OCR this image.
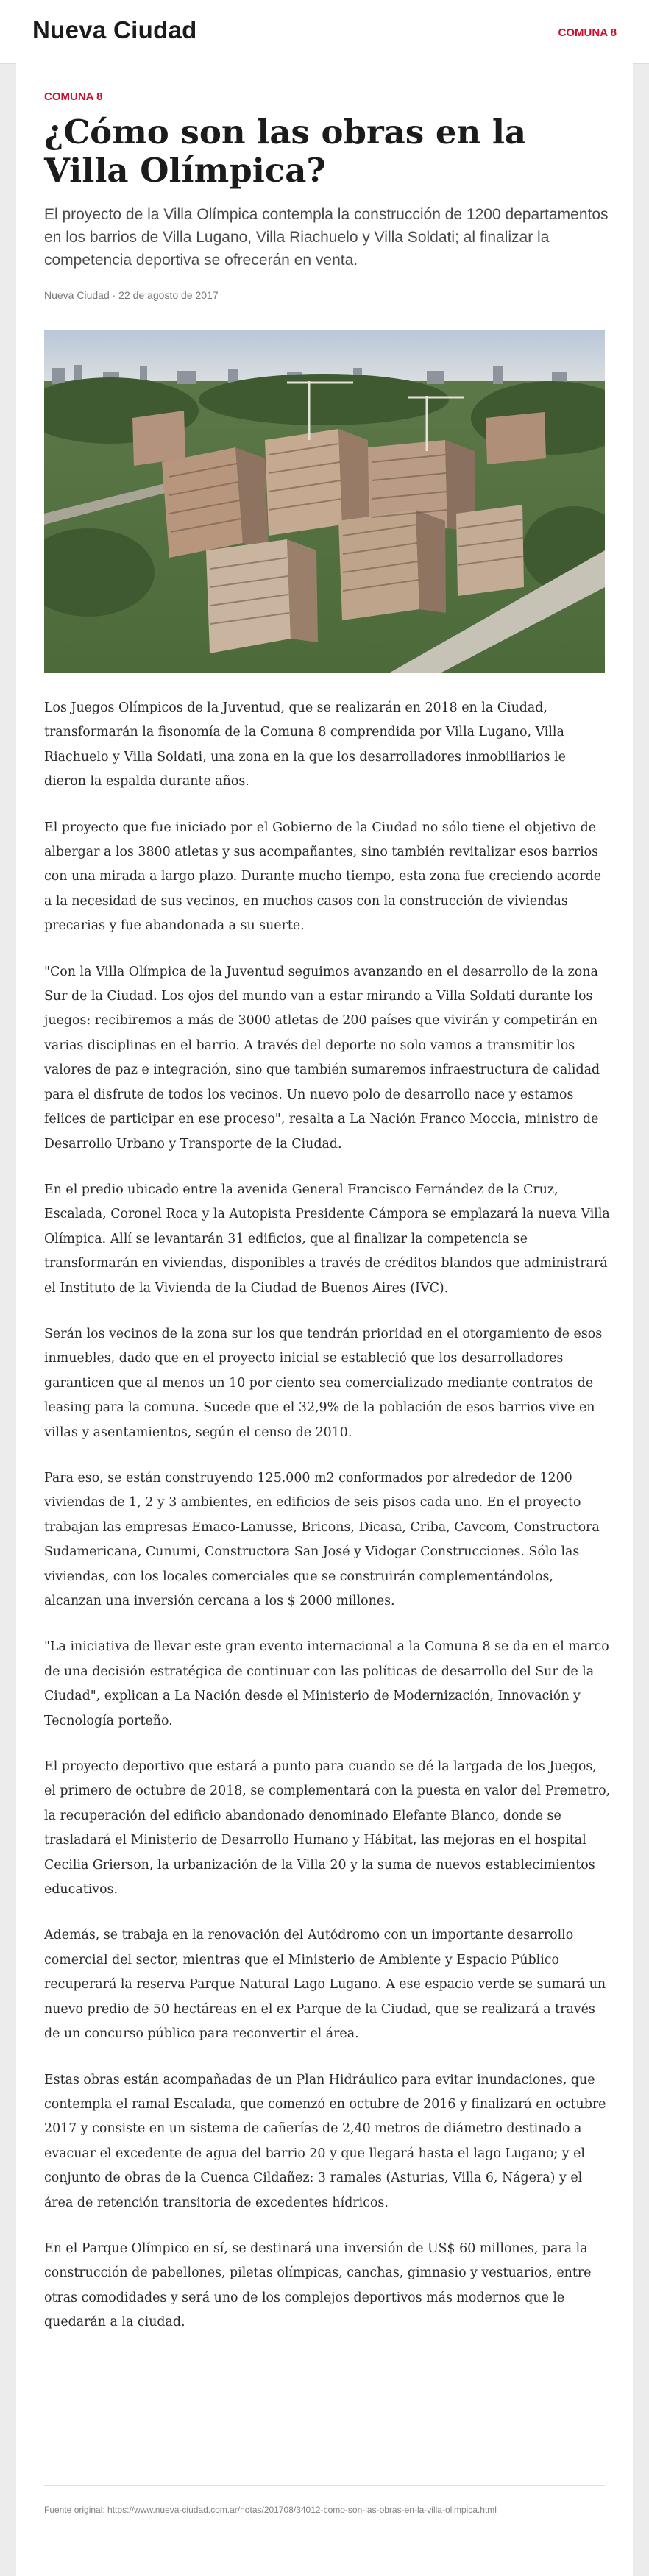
Nueva Ciudad	COMUNA 8
COMUNA 8
¿Cómo son las obras en la Villa Olímpica?

El proyecto de la Villa Olímpica contempla la construcción de 1200 departamentos en los barrios de Villa Lugano, Villa Riachuelo y Villa Soldati; al finalizar la competencia deportiva se ofrecerán en venta.

Nueva Ciudad · 22 de agosto de 2017

Los Juegos Olímpicos de la Juventud, que se realizarán en 2018 en la Ciudad, transformarán la fisonomía de la Comuna 8 comprendida por Villa Lugano, Villa Riachuelo y Villa Soldati, una zona en la que los desarrolladores inmobiliarios le dieron la espalda durante años.

El proyecto que fue iniciado por el Gobierno de la Ciudad no sólo tiene el objetivo de albergar a los 3800 atletas y sus acompañantes, sino también revitalizar esos barrios con una mirada a largo plazo. Durante mucho tiempo, esta zona fue creciendo acorde a la necesidad de sus vecinos, en muchos casos con la construcción de viviendas precarias y fue abandonada a su suerte.

"Con la Villa Olímpica de la Juventud seguimos avanzando en el desarrollo de la zona Sur de la Ciudad. Los ojos del mundo van a estar mirando a Villa Soldati durante los juegos: recibiremos a más de 3000 atletas de 200 países que vivirán y competirán en varias disciplinas en el barrio. A través del deporte no solo vamos a transmitir los valores de paz e integración, sino que también sumaremos infraestructura de calidad para el disfrute de todos los vecinos. Un nuevo polo de desarrollo nace y estamos felices de participar en ese proceso", resalta a La Nación Franco Moccia, ministro de Desarrollo Urbano y Transporte de la Ciudad.

En el predio ubicado entre la avenida General Francisco Fernández de la Cruz, Escalada, Coronel Roca y la Autopista Presidente Cámpora se emplazará la nueva Villa Olímpica. Allí se levantarán 31 edificios, que al finalizar la competencia se transformarán en viviendas, disponibles a través de créditos blandos que administrará el Instituto de la Vivienda de la Ciudad de Buenos Aires (IVC).

Serán los vecinos de la zona sur los que tendrán prioridad en el otorgamiento de esos inmuebles, dado que en el proyecto inicial se estableció que los desarrolladores garanticen que al menos un 10 por ciento sea comercializado mediante contratos de leasing para la comuna. Sucede que el 32,9% de la población de esos barrios vive en villas y asentamientos, según el censo de 2010.

Para eso, se están construyendo 125.000 m2 conformados por alrededor de 1200 viviendas de 1, 2 y 3 ambientes, en edificios de seis pisos cada uno. En el proyecto trabajan las empresas Emaco-Lanusse, Bricons, Dicasa, Criba, Cavcom, Constructora Sudamericana, Cunumi, Constructora San José y Vidogar Construcciones. Sólo las viviendas, con los locales comerciales que se construirán complementándolos, alcanzan una inversión cercana a los $ 2000 millones.

"La iniciativa de llevar este gran evento internacional a la Comuna 8 se da en el marco de una decisión estratégica de continuar con las políticas de desarrollo del Sur de la Ciudad", explican a La Nación desde el Ministerio de Modernización, Innovación y Tecnología porteño.

El proyecto deportivo que estará a punto para cuando se dé la largada de los Juegos, el primero de octubre de 2018, se complementará con la puesta en valor del Premetro, la recuperación del edificio abandonado denominado Elefante Blanco, donde se trasladará el Ministerio de Desarrollo Humano y Hábitat, las mejoras en el hospital Cecilia Grierson, la urbanización de la Villa 20 y la suma de nuevos establecimientos educativos.

Además, se trabaja en la renovación del Autódromo con un importante desarrollo comercial del sector, mientras que el Ministerio de Ambiente y Espacio Público recuperará la reserva Parque Natural Lago Lugano. A ese espacio verde se sumará un nuevo predio de 50 hectáreas en el ex Parque de la Ciudad, que se realizará a través de un concurso público para reconvertir el área.

Estas obras están acompañadas de un Plan Hidráulico para evitar inundaciones, que contempla el ramal Escalada, que comenzó en octubre de 2016 y finalizará en octubre 2017 y consiste en un sistema de cañerías de 2,40 metros de diámetro destinado a evacuar el excedente de agua del barrio 20 y que llegará hasta el lago Lugano; y el conjunto de obras de la Cuenca Cildañez: 3 ramales (Asturias, Villa 6, Nágera) y el área de retención transitoria de excedentes hídricos.

En el Parque Olímpico en sí, se destinará una inversión de US$ 60 millones, para la construcción de pabellones, piletas olímpicas, canchas, gimnasio y vestuarios, entre otras comodidades y será uno de los complejos deportivos más modernos que le quedarán a la ciudad.

Fuente original: https://www.nueva-ciudad.com.ar/notas/201708/34012-como-son-las-obras-en-la-villa-olimpica.html
